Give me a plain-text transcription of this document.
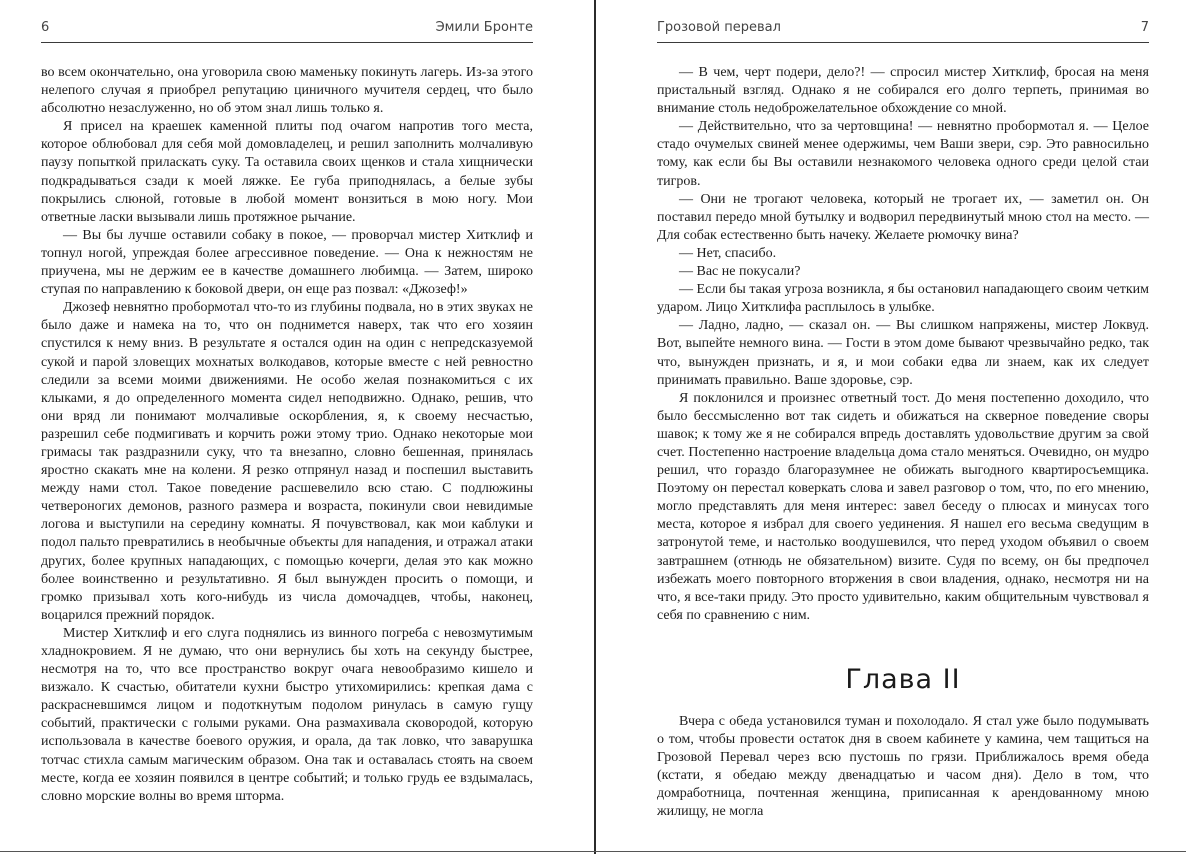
6	Эмили Бронте

во всем окончательно, она уговорила свою маменьку покинуть лагерь. Из-за этого нелепого случая я приобрел репутацию циничного мучителя сердец, что было абсолютно незаслуженно, но об этом знал лишь только я.

Я присел на краешек каменной плиты под очагом напротив того места, которое облюбовал для себя мой домовладелец, и решил заполнить молчаливую паузу попыткой приласкать суку. Та оставила своих щенков и стала хищнически подкрадываться сзади к моей ляжке. Ее губа приподнялась, а белые зубы покрылись слюной, готовые в любой момент вонзиться в мою ногу. Мои ответные ласки вызывали лишь протяжное рычание.

— Вы бы лучше оставили собаку в покое, — проворчал мистер Хитклиф и топнул ногой, упреждая более агрессивное поведение. — Она к нежностям не приучена, мы не держим ее в качестве домашнего любимца. — Затем, широко ступая по направлению к боковой двери, он еще раз позвал: «Джозеф!»

Джозеф невнятно пробормотал что-то из глубины подвала, но в этих звуках не было даже и намека на то, что он поднимется наверх, так что его хозяин спустился к нему вниз. В результате я остался один на один с непредсказуемой сукой и парой зловещих мохнатых волкодавов, которые вместе с ней ревностно следили за всеми моими движениями. Не особо желая познакомиться с их клыками, я до определенного момента сидел неподвижно. Однако, решив, что они вряд ли понимают молчаливые оскорбления, я, к своему несчастью, разрешил себе подмигивать и корчить рожи этому трио. Однако некоторые мои гримасы так раздразнили суку, что та внезапно, словно бешенная, принялась яростно скакать мне на колени. Я резко отпрянул назад и поспешил выставить между нами стол. Такое поведение расшевелило всю стаю. С подлюжины четвероногих демонов, разного размера и возраста, покинули свои невидимые логова и выступили на середину комнаты. Я почувствовал, как мои каблуки и подол пальто превратились в необычные объекты для нападения, и отражал атаки других, более крупных нападающих, с помощью кочерги, делая это как можно более воинственно и результативно. Я был вынужден просить о помощи, и громко призывал хоть кого-нибудь из числа домочадцев, чтобы, наконец, воцарился прежний порядок.

Мистер Хитклиф и его слуга поднялись из винного погреба с невозмутимым хладнокровием. Я не думаю, что они вернулись бы хоть на секунду быстрее, несмотря на то, что все пространство вокруг очага невообразимо кишело и визжало. К счастью, обитатели кухни быстро утихомирились: крепкая дама с раскрасневшимся лицом и подоткнутым подолом ринулась в самую гущу событий, практически с голыми руками. Она размахивала сковородой, которую использовала в качестве боевого оружия, и орала, да так ловко, что заварушка тотчас стихла самым магическим образом. Она так и оставалась стоять на своем месте, когда ее хозяин появился в центре событий; и только грудь ее вздымалась, словно морские волны во время шторма.

Грозовой перевал	7

— В чем, черт подери, дело?! — спросил мистер Хитклиф, бросая на меня пристальный взгляд. Однако я не собирался его долго терпеть, принимая во внимание столь недоброжелательное обхождение со мной.

— Действительно, что за чертовщина! — невнятно пробормотал я. — Целое стадо очумелых свиней менее одержимы, чем Ваши звери, сэр. Это равносильно тому, как если бы Вы оставили незнакомого человека одного среди целой стаи тигров.

— Они не трогают человека, который не трогает их, — заметил он. Он поставил передо мной бутылку и водворил передвинутый мною стол на место. — Для собак естественно быть начеку. Желаете рюмочку вина?

— Нет, спасибо.

— Вас не покусали?

— Если бы такая угроза возникла, я бы остановил нападающего своим четким ударом. Лицо Хитклифа расплылось в улыбке.

— Ладно, ладно, — сказал он. — Вы слишком напряжены, мистер Локвуд. Вот, выпейте немного вина. — Гости в этом доме бывают чрезвычайно редко, так что, вынужден признать, и я, и мои собаки едва ли знаем, как их следует принимать правильно. Ваше здоровье, сэр.

Я поклонился и произнес ответный тост. До меня постепенно доходило, что было бессмысленно вот так сидеть и обижаться на скверное поведение своры шавок; к тому же я не собирался впредь доставлять удовольствие другим за свой счет. Постепенно настроение владельца дома стало меняться. Очевидно, он мудро решил, что гораздо благоразумнее не обижать выгодного квартиросъемщика. Поэтому он перестал коверкать слова и завел разговор о том, что, по его мнению, могло представлять для меня интерес: завел беседу о плюсах и минусах того места, которое я избрал для своего уединения. Я нашел его весьма сведущим в затронутой теме, и настолько воодушевился, что перед уходом объявил о своем завтрашнем (отнюдь не обязательном) визите. Судя по всему, он бы предпочел избежать моего повторного вторжения в свои владения, однако, несмотря ни на что, я все-таки приду. Это просто удивительно, каким общительным чувствовал я себя по сравнению с ним.

Глава II

Вчера с обеда установился туман и похолодало. Я стал уже было подумывать о том, чтобы провести остаток дня в своем кабинете у камина, чем тащиться на Грозовой Перевал через всю пустошь по грязи. Приближалось время обеда (кстати, я обедаю между двенадцатью и часом дня). Дело в том, что домработница, почтенная женщина, приписанная к арендованному мною жилищу, не могла
